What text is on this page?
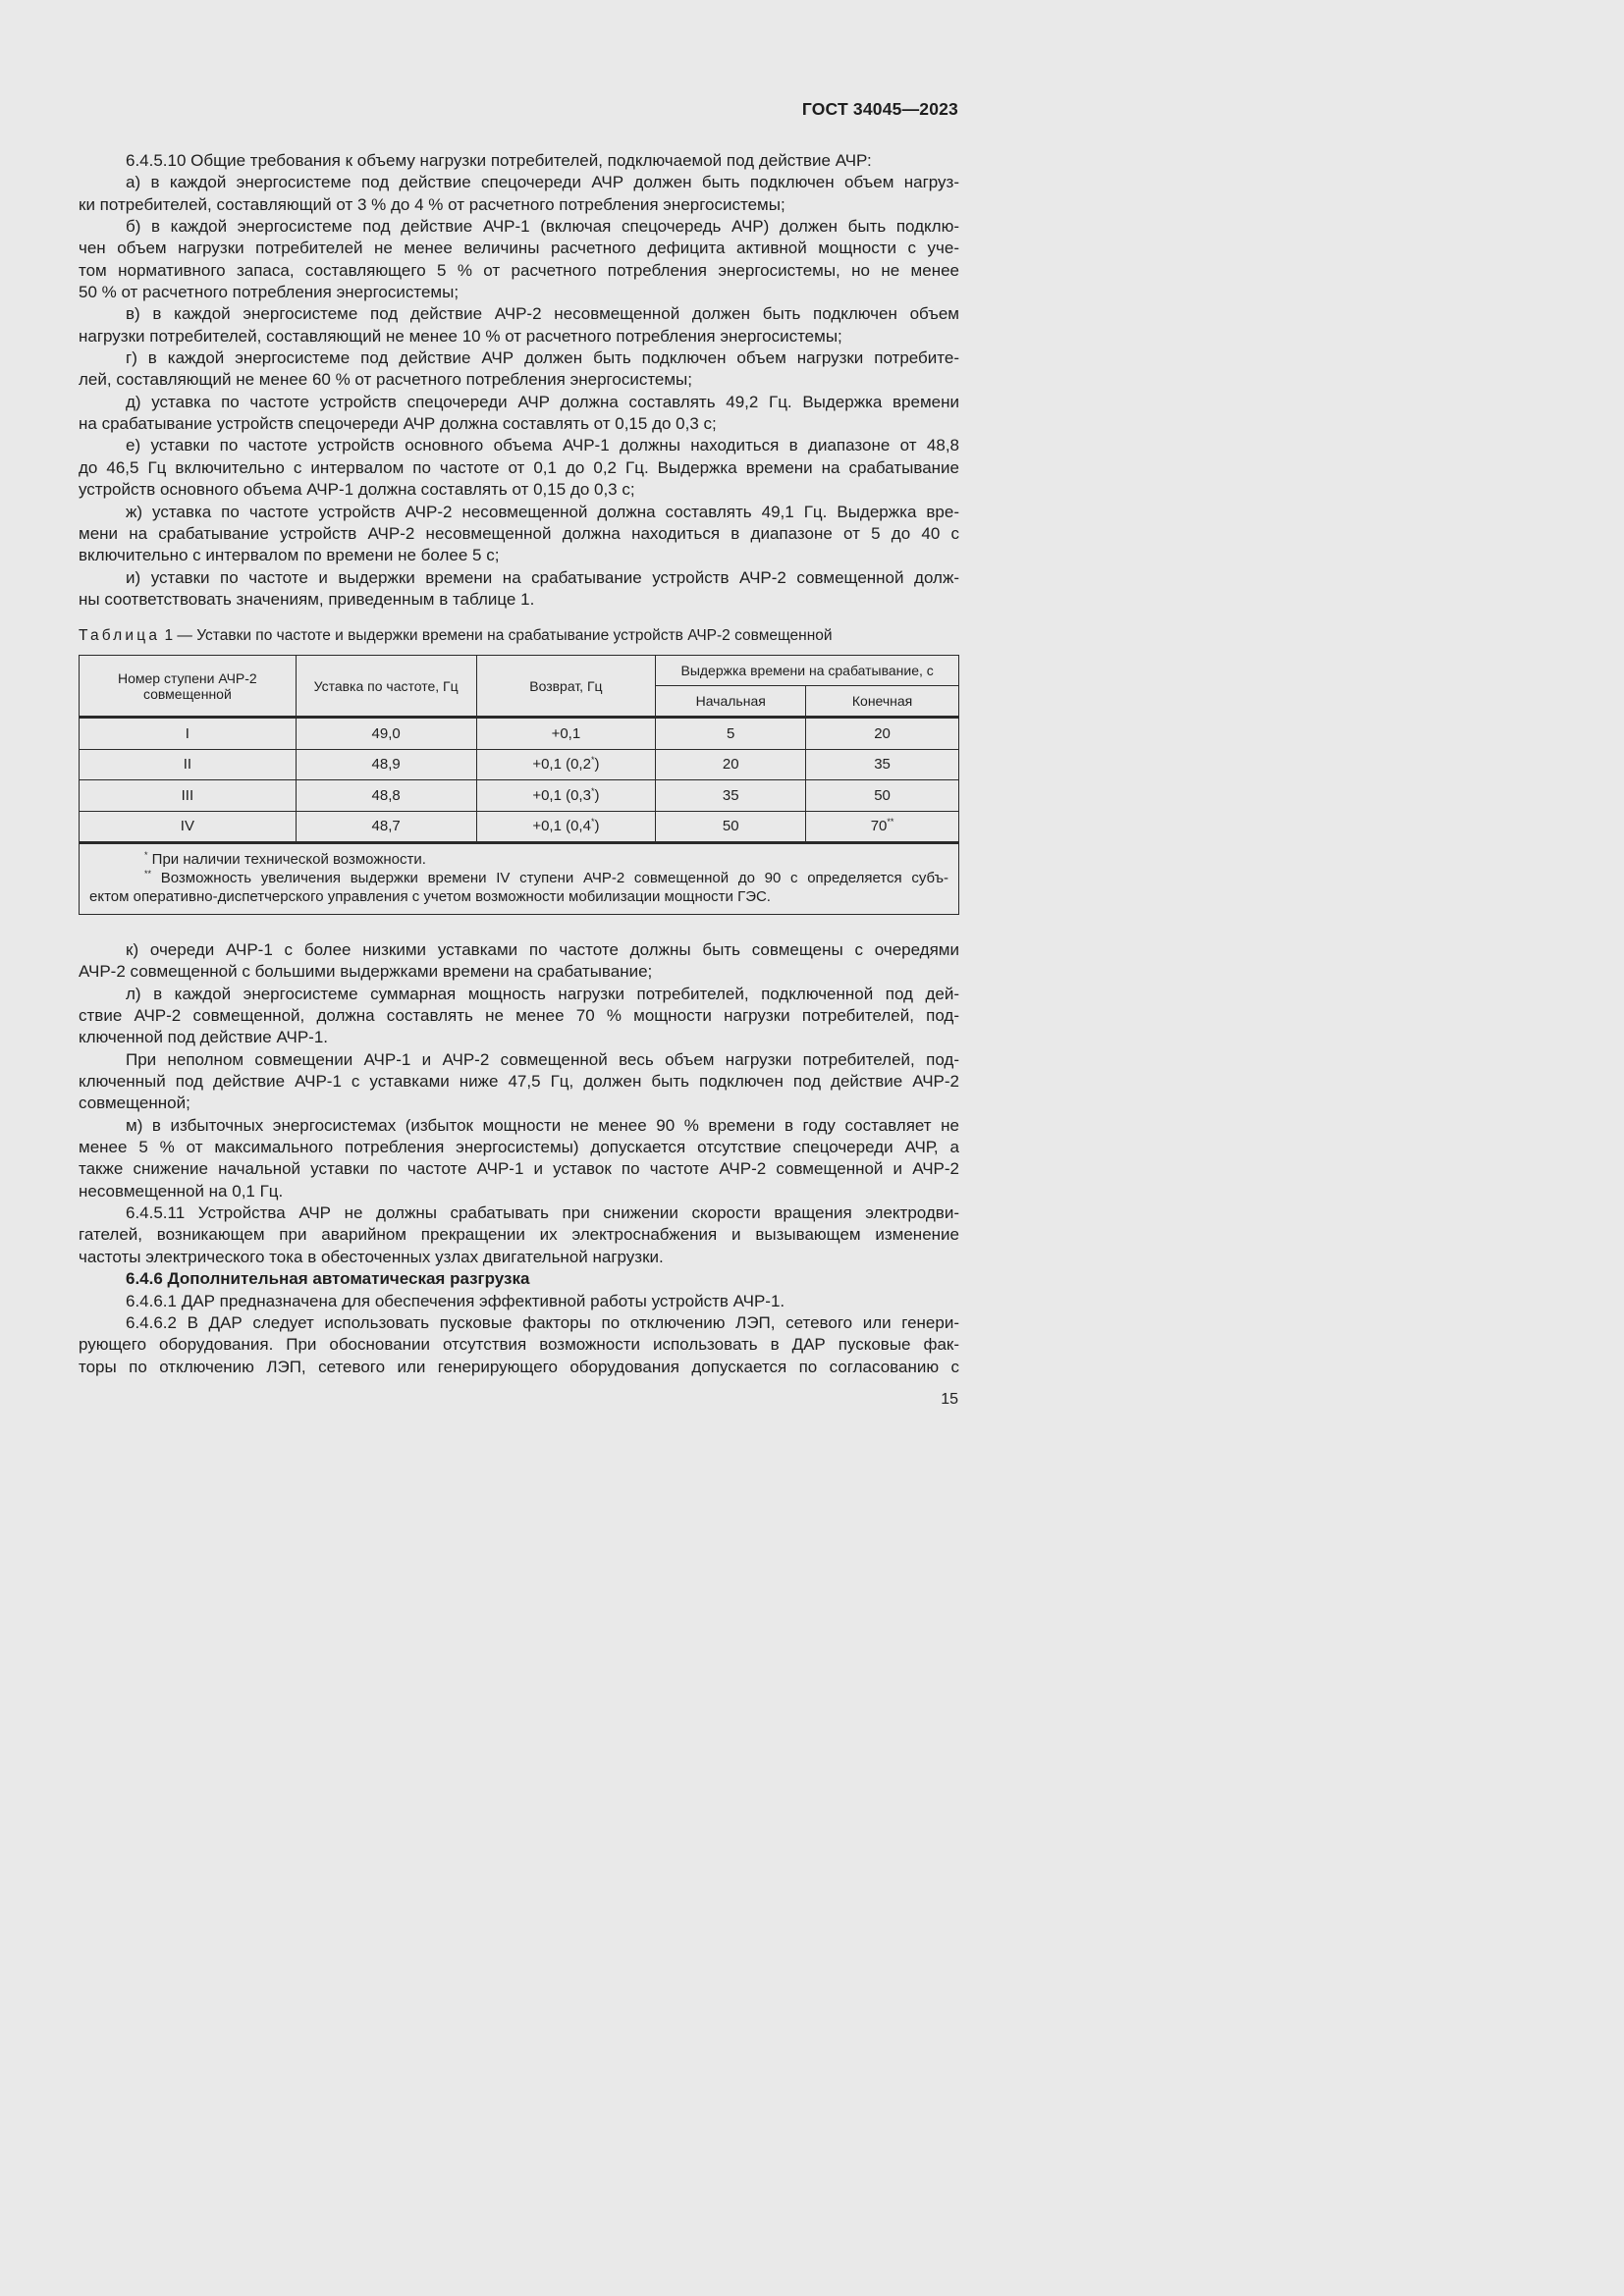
ГОСТ 34045—2023

6.4.5.10 Общие требования к объему нагрузки потребителей, подключаемой под действие АЧР:

а) в каждой энергосистеме под действие спецочереди АЧР должен быть подключен объем нагруз-
ки потребителей, составляющий от 3 % до 4 % от расчетного потребления энергосистемы;

б) в каждой энергосистеме под действие АЧР-1 (включая спецочередь АЧР) должен быть подклю-
чен объем нагрузки потребителей не менее величины расчетного дефицита активной мощности с уче-
том нормативного запаса, составляющего 5 % от расчетного потребления энергосистемы, но не менее
50 % от расчетного потребления энергосистемы;

в) в каждой энергосистеме под действие АЧР-2 несовмещенной должен быть подключен объем
нагрузки потребителей, составляющий не менее 10 % от расчетного потребления энергосистемы;

г) в каждой энергосистеме под действие АЧР должен быть подключен объем нагрузки потребите-
лей, составляющий не менее 60 % от расчетного потребления энергосистемы;

д) уставка по частоте устройств спецочереди АЧР должна составлять 49,2 Гц. Выдержка времени
на срабатывание устройств спецочереди АЧР должна составлять от 0,15 до 0,3 с;

е) уставки по частоте устройств основного объема АЧР-1 должны находиться в диапазоне от 48,8
до 46,5 Гц включительно с интервалом по частоте от 0,1 до 0,2 Гц. Выдержка времени на срабатывание
устройств основного объема АЧР-1 должна составлять от 0,15 до 0,3 с;

ж) уставка по частоте устройств АЧР-2 несовмещенной должна составлять 49,1 Гц. Выдержка вре-
мени на срабатывание устройств АЧР-2 несовмещенной должна находиться в диапазоне от 5 до 40 с
включительно с интервалом по времени не более 5 с;

и) уставки по частоте и выдержки времени на срабатывание устройств АЧР-2 совмещенной долж-
ны соответствовать значениям, приведенным в таблице 1.

Таблица 1 — Уставки по частоте и выдержки времени на срабатывание устройств АЧР-2 совмещенной
Номер ступени АЧР-2 совмещенной	Уставка по частоте, Гц	Возврат, Гц	Выдержка времени на срабатывание, с	
			Начальная	Конечная
I	49,0	+0,1	5	20
II	48,9	+0,1 (0,2*)	20	35
III	48,8	+0,1 (0,3*)	35	50
IV	48,7	+0,1 (0,4*)	50	70**

* При наличии технической возможности.
** Возможность увеличения выдержки времени IV ступени АЧР-2 совмещенной до 90 с определяется субъ-
ектом оперативно-диспетчерского управления с учетом возможности мобилизации мощности ГЭС.				

к) очереди АЧР-1 с более низкими уставками по частоте должны быть совмещены с очередями
АЧР-2 совмещенной с большими выдержками времени на срабатывание;

л) в каждой энергосистеме суммарная мощность нагрузки потребителей, подключенной под дей-
ствие АЧР-2 совмещенной, должна составлять не менее 70 % мощности нагрузки потребителей, под-
ключенной под действие АЧР-1.

При неполном совмещении АЧР-1 и АЧР-2 совмещенной весь объем нагрузки потребителей, под-
ключенный под действие АЧР-1 с уставками ниже 47,5 Гц, должен быть подключен под действие АЧР-2
совмещенной;

м) в избыточных энергосистемах (избыток мощности не менее 90 % времени в году составляет не
менее 5 % от максимального потребления энергосистемы) допускается отсутствие спецочереди АЧР, а
также снижение начальной уставки по частоте АЧР-1 и уставок по частоте АЧР-2 совмещенной и АЧР-2
несовмещенной на 0,1 Гц.

6.4.5.11 Устройства АЧР не должны срабатывать при снижении скорости вращения электродви-
гателей, возникающем при аварийном прекращении их электроснабжения и вызывающем изменение
частоты электрического тока в обесточенных узлах двигательной нагрузки.

6.4.6 Дополнительная автоматическая разгрузка

6.4.6.1 ДАР предназначена для обеспечения эффективной работы устройств АЧР-1.

6.4.6.2 В ДАР следует использовать пусковые факторы по отключению ЛЭП, сетевого или генери-
рующего оборудования. При обосновании отсутствия возможности использовать в ДАР пусковые фак-
торы по отключению ЛЭП, сетевого или генерирующего оборудования допускается по согласованию с

15
